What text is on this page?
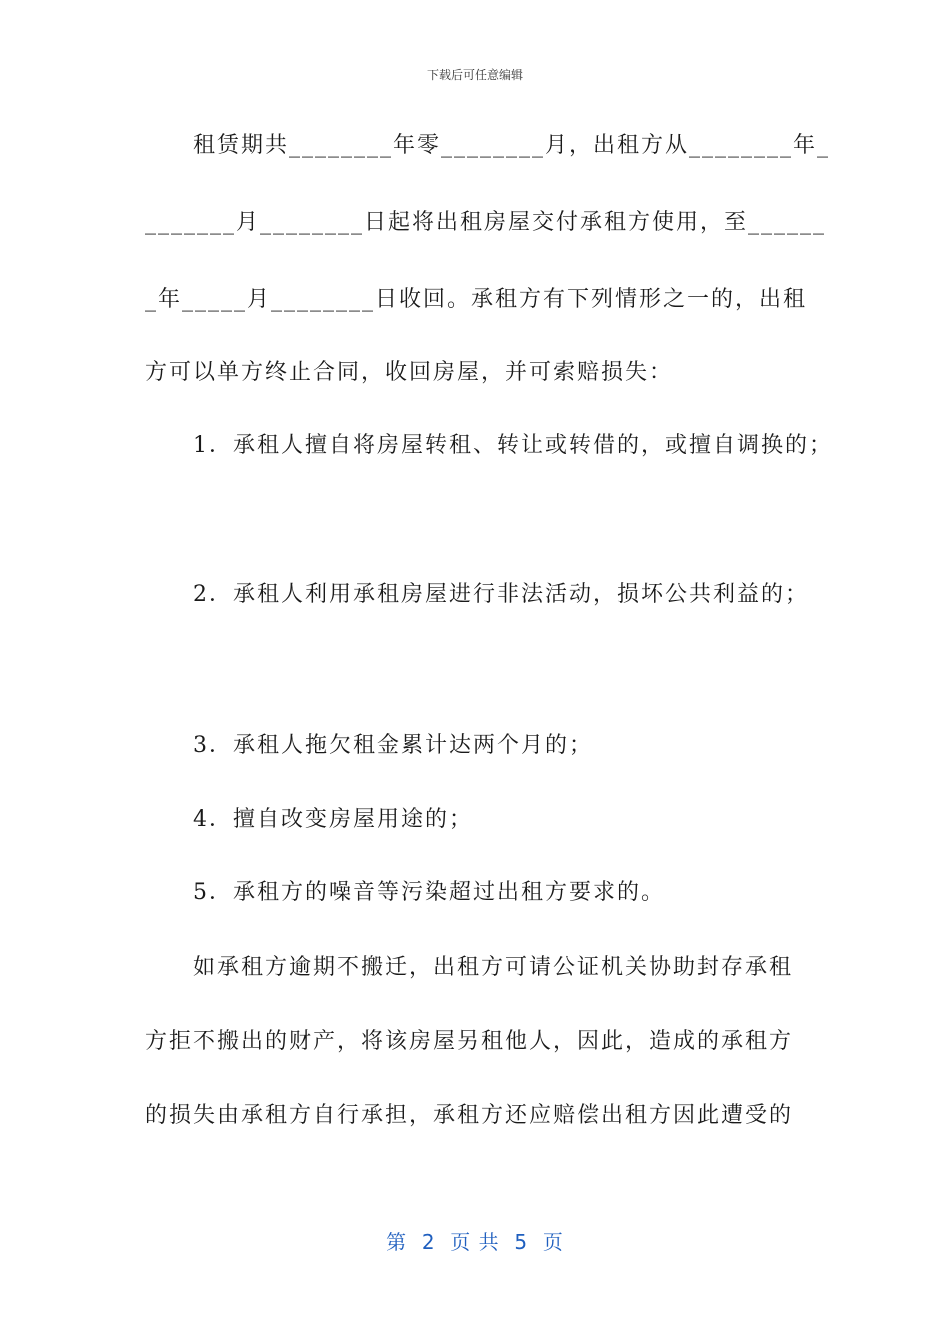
下载后可任意编辑
租赁期共________年零________月，出租方从________年_
_______月________日起将出租房屋交付承租方使用，至______
_年_____月________日收回。承租方有下列情形之一的，出租
方可以单方终止合同，收回房屋，并可索赔损失：
1．承租人擅自将房屋转租、转让或转借的，或擅自调换的；
2．承租人利用承租房屋进行非法活动，损坏公共利益的；
3．承租人拖欠租金累计达两个月的；
4．擅自改变房屋用途的；
5．承租方的噪音等污染超过出租方要求的。
如承租方逾期不搬迁，出租方可请公证机关协助封存承租
方拒不搬出的财产，将该房屋另租他人，因此，造成的承租方
的损失由承租方自行承担，承租方还应赔偿出租方因此遭受的
第  2  页 共  5  页
